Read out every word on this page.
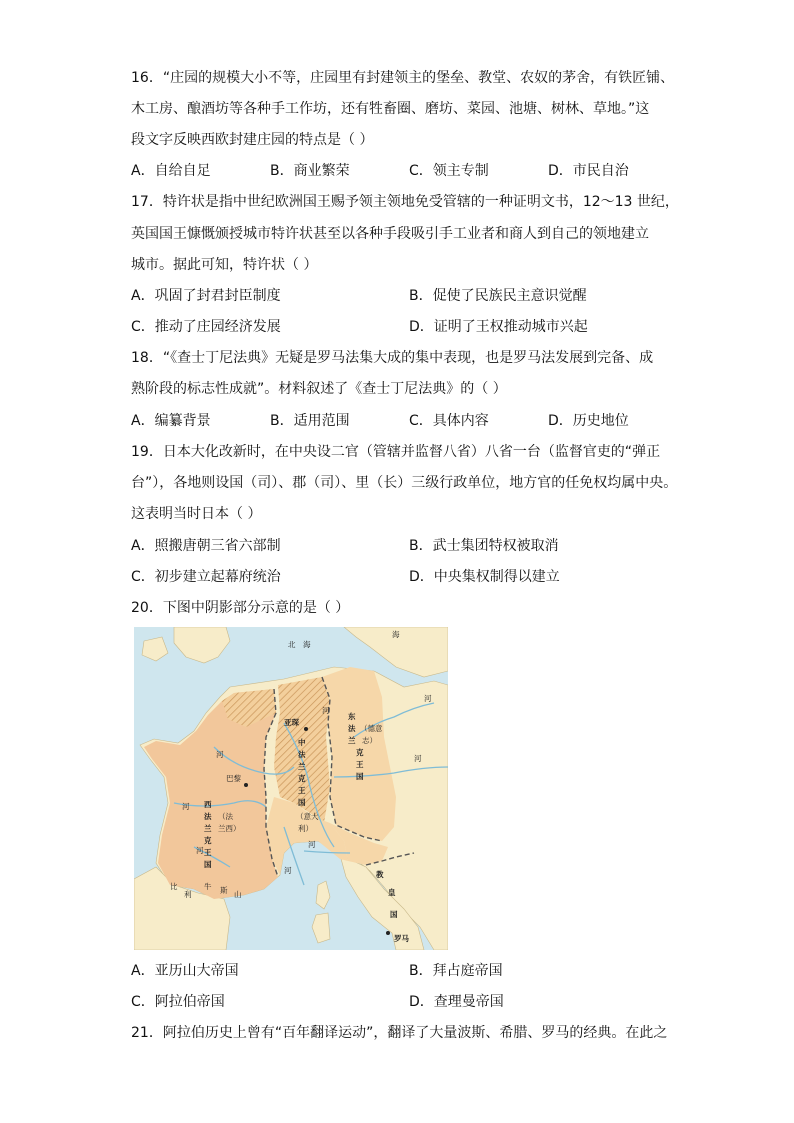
16．“庄园的规模大小不等，庄园里有封建领主的堡垒、教堂、农奴的茅舍，有铁匠铺、
木工房、酿酒坊等各种手工作坊，还有牲畜圈、磨坊、菜园、池塘、树林、草地。”这
段文字反映西欧封建庄园的特点是（ ）
A．自给自足	B．商业繁荣	C．领主专制	D．市民自治
17．特许状是指中世纪欧洲国王赐予领主领地免受管辖的一种证明文书，12～13 世纪，
英国国王慷慨颁授城市特许状甚至以各种手段吸引手工业者和商人到自己的领地建立
城市。据此可知，特许状（ ）
A．巩固了封君封臣制度	B．促使了民族民主意识觉醒
C．推动了庄园经济发展	D．证明了王权推动城市兴起
18．“《查士丁尼法典》无疑是罗马法集大成的集中表现，也是罗马法发展到完备、成
熟阶段的标志性成就”。材料叙述了《查士丁尼法典》的（ ）
A．编纂背景	B．适用范围	C．具体内容	D．历史地位
19．日本大化改新时，在中央设二官（管辖并监督八省）八省一台（监督官吏的“弹正
台”），各地则设国（司）、郡（司）、里（长）三级行政单位，地方官的任免权均属中央。
这表明当时日本（ ）
A．照搬唐朝三省六部制	B．武士集团特权被取消
C．初步建立起幕府统治	D．中央集权制得以建立
20．下图中阴影部分示意的是（ ）
北　海
亚琛
巴黎
罗马
西
法
兰
克
王
国
（法
兰西）
中
法
兰
克
王
国
（意大
利）
东
法
兰
克
王
国
（德意
志）
教
皇
国
比
利
牛 斯 山
河
河
河
河
河
河
河
河
海
A．亚历山大帝国	B．拜占庭帝国
C．阿拉伯帝国	D．查理曼帝国
21．阿拉伯历史上曾有“百年翻译运动”，翻译了大量波斯、希腊、罗马的经典。在此之
